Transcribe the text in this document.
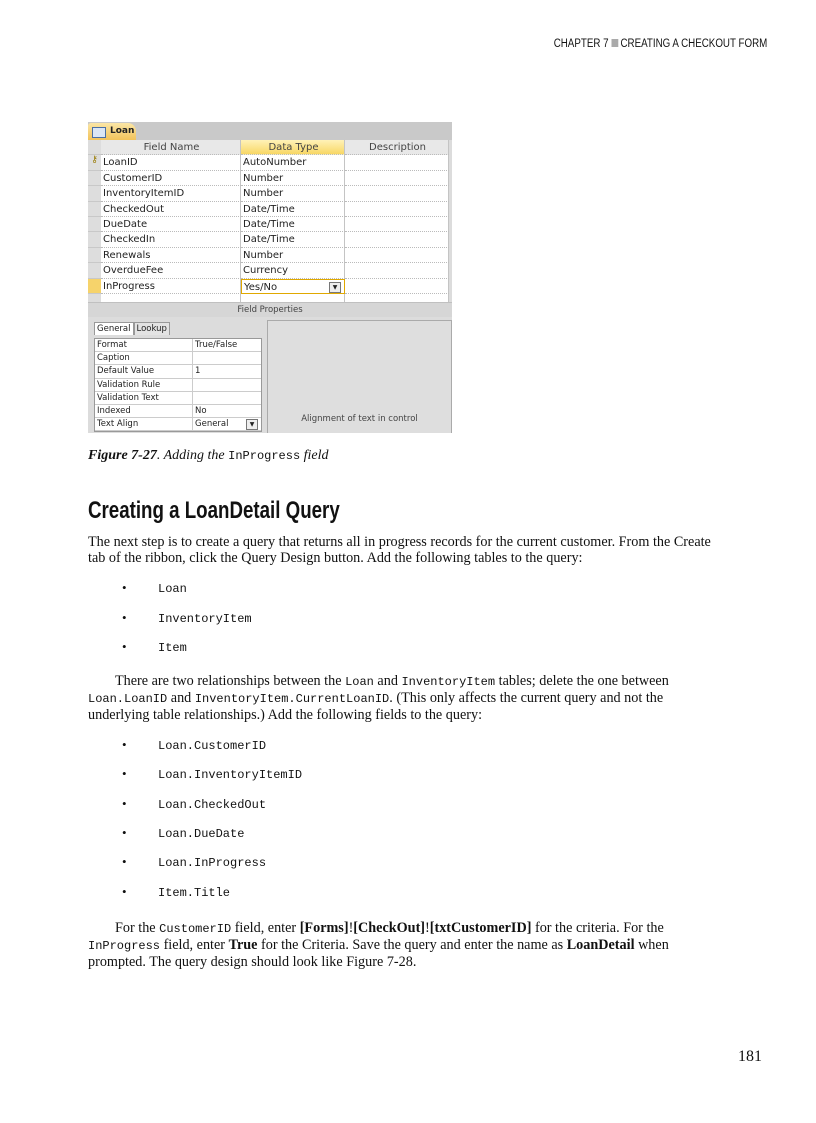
CHAPTER 7 CREATING A CHECKOUT FORM
Loan
Field Name	Data Type	Description
⚷ LoanID	AutoNumber
CustomerID	Number
InventoryItemID	Number
CheckedOut	Date/Time
DueDate	Date/Time
CheckedIn	Date/Time
Renewals	Number
OverdueFee	Currency
InProgress	Yes/No	▼
Field Properties
General Lookup
Format	True/False
Caption
Default Value	1
Validation Rule
Validation Text
Indexed	No
Text Align	General	▼
Alignment of text in control
Figure 7-27. Adding the InProgress field
Creating a LoanDetail Query
The next step is to create a query that returns all in progress records for the current customer. From the Create tab of the ribbon, click the Query Design button. Add the following tables to the query:
•	Loan
•	InventoryItem
•	Item
There are two relationships between the Loan and InventoryItem tables; delete the one between Loan.LoanID and InventoryItem.CurrentLoanID. (This only affects the current query and not the underlying table relationships.) Add the following fields to the query:
•	Loan.CustomerID
•	Loan.InventoryItemID
•	Loan.CheckedOut
•	Loan.DueDate
•	Loan.InProgress
•	Item.Title
For the CustomerID field, enter [Forms]![CheckOut]![txtCustomerID] for the criteria. For the InProgress field, enter True for the Criteria. Save the query and enter the name as LoanDetail when prompted. The query design should look like Figure 7-28.
181
